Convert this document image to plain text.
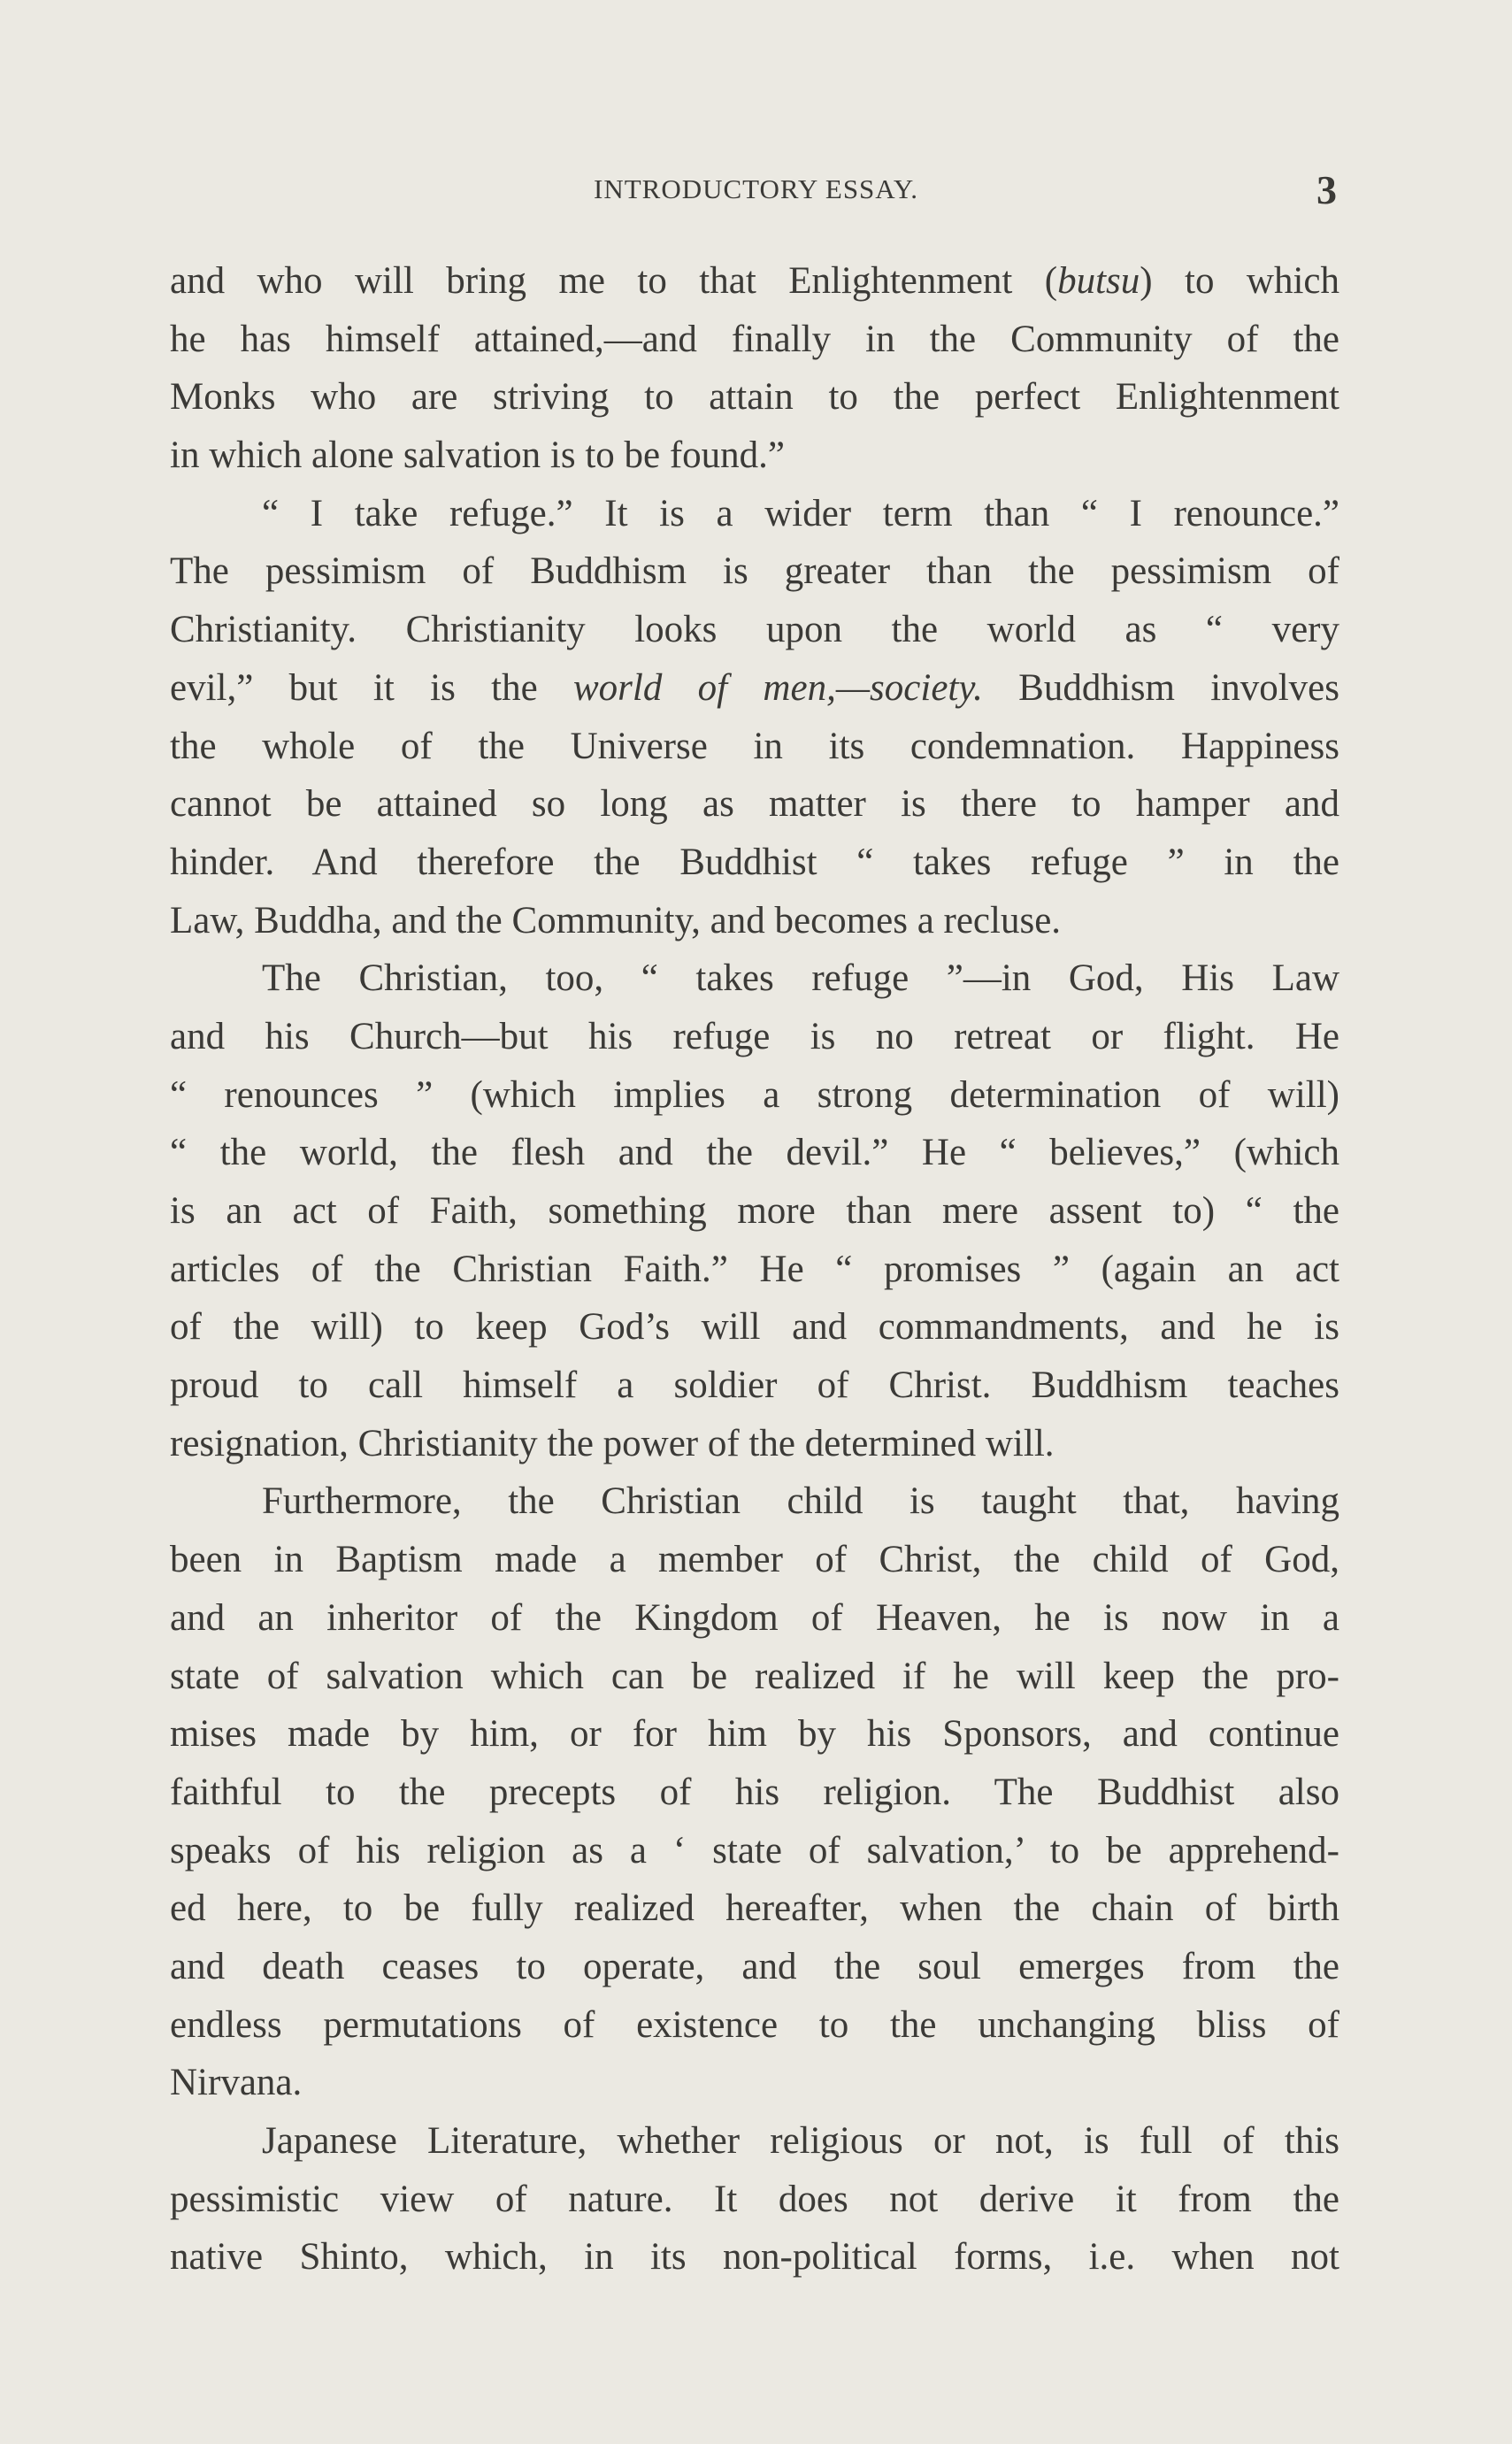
INTRODUCTORY ESSAY.	3
and who will bring me to that Enlightenment (butsu) to which
he has himself attained,—and finally in the Community of the
Monks who are striving to attain to the perfect Enlightenment
in which alone salvation is to be found.”
“ I take refuge.” It is a wider term than “ I renounce.”
The pessimism of Buddhism is greater than the pessimism of
Christianity. Christianity looks upon the world as “ very
evil,” but it is the world of men,—society. Buddhism involves
the whole of the Universe in its condemnation. Happiness
cannot be attained so long as matter is there to hamper and
hinder. And therefore the Buddhist “ takes refuge ” in the
Law, Buddha, and the Community, and becomes a recluse.
The Christian, too, “ takes refuge ”—in God, His Law
and his Church—but his refuge is no retreat or flight. He
“ renounces ” (which implies a strong determination of will)
“ the world, the flesh and the devil.” He “ believes,” (which
is an act of Faith, something more than mere assent to) “ the
articles of the Christian Faith.” He “ promises ” (again an act
of the will) to keep God’s will and commandments, and he is
proud to call himself a soldier of Christ. Buddhism teaches
resignation, Christianity the power of the determined will.
Furthermore, the Christian child is taught that, having
been in Baptism made a member of Christ, the child of God,
and an inheritor of the Kingdom of Heaven, he is now in a
state of salvation which can be realized if he will keep the pro-
mises made by him, or for him by his Sponsors, and continue
faithful to the precepts of his religion. The Buddhist also
speaks of his religion as a ‘ state of salvation,’ to be apprehend-
ed here, to be fully realized hereafter, when the chain of birth
and death ceases to operate, and the soul emerges from the
endless permutations of existence to the unchanging bliss of
Nirvana.
Japanese Literature, whether religious or not, is full of this
pessimistic view of nature. It does not derive it from the
native Shinto, which, in its non-political forms, i.e. when not
